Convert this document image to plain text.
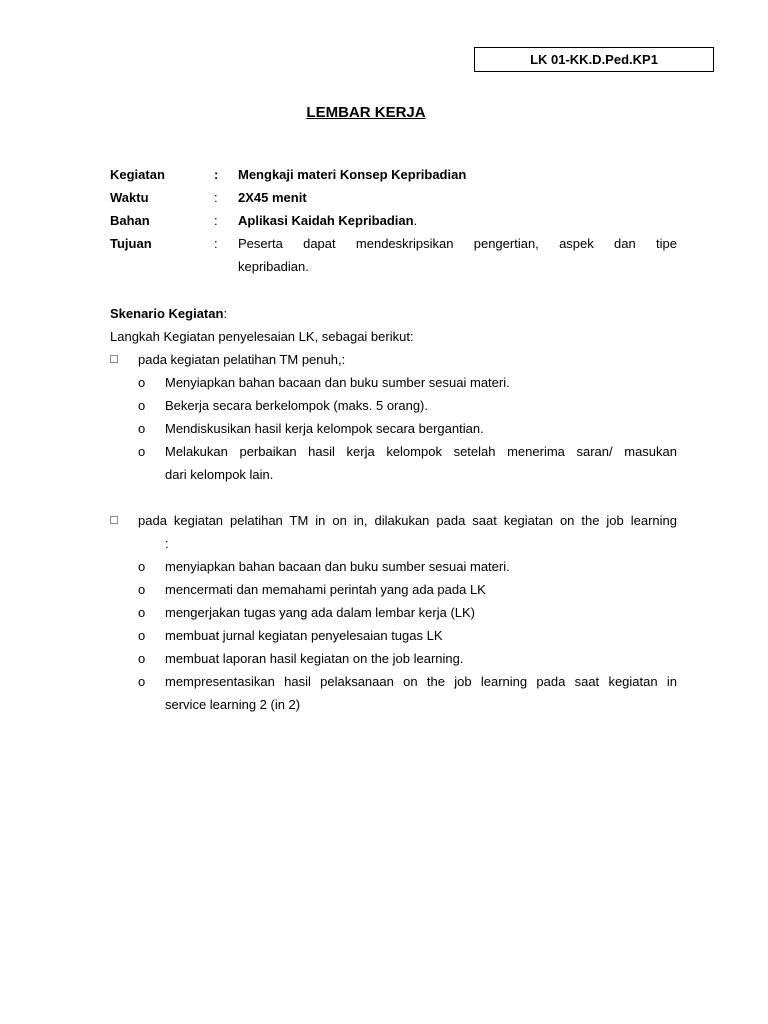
LK 01-KK.D.Ped.KP1
LEMBAR KERJA
Kegiatan	: Mengkaji materi Konsep Kepribadian
Waktu	: 2X45 menit
Bahan	: Aplikasi Kaidah Kepribadian.
Tujuan	: Peserta dapat mendeskripsikan pengertian, aspek dan tipe
kepribadian.
Skenario Kegiatan:
Langkah Kegiatan penyelesaian LK, sebagai berikut:
pada kegiatan pelatihan TM penuh,:
o Menyiapkan bahan bacaan dan buku sumber sesuai materi.
o Bekerja secara berkelompok (maks. 5 orang).
o Mendiskusikan hasil kerja kelompok secara bergantian.
o Melakukan perbaikan hasil kerja kelompok setelah menerima saran/ masukan
dari kelompok lain.
pada kegiatan pelatihan TM in on in, dilakukan pada saat kegiatan on the job learning
:
o menyiapkan bahan bacaan dan buku sumber sesuai materi.
o mencermati dan memahami perintah yang ada pada LK
o mengerjakan tugas yang ada dalam lembar kerja (LK)
o membuat jurnal kegiatan penyelesaian tugas LK
o membuat laporan hasil kegiatan on the job learning.
o mempresentasikan hasil pelaksanaan on the job learning pada saat kegiatan in
service learning 2 (in 2)
